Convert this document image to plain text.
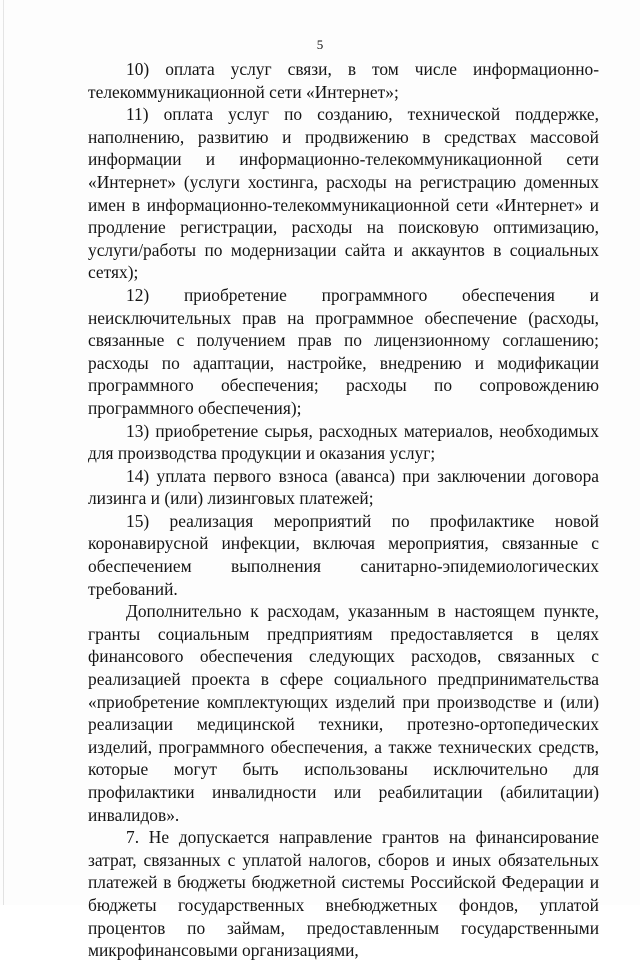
5

10) оплата услуг связи, в том числе информационно-телекоммуникационной сети «Интернет»;

11) оплата услуг по созданию, технической поддержке, наполнению, развитию и продвижению в средствах массовой информации и информационно-телекоммуникационной сети «Интернет» (услуги хостинга, расходы на регистрацию доменных имен в информационно-телекоммуникационной сети «Интернет» и продление регистрации, расходы на поисковую оптимизацию, услуги/работы по модернизации сайта и аккаунтов в социальных сетях);

12) приобретение программного обеспечения и неисключительных прав на программное обеспечение (расходы, связанные с получением прав по лицензионному соглашению; расходы по адаптации, настройке, внедрению и модификации программного обеспечения; расходы по сопровождению программного обеспечения);

13) приобретение сырья, расходных материалов, необходимых для производства продукции и оказания услуг;

14) уплата первого взноса (аванса) при заключении договора лизинга и (или) лизинговых платежей;

15) реализация мероприятий по профилактике новой коронавирусной инфекции, включая мероприятия, связанные с обеспечением выполнения санитарно-эпидемиологических требований.

Дополнительно к расходам, указанным в настоящем пункте, гранты социальным предприятиям предоставляется в целях финансового обеспечения следующих расходов, связанных с реализацией проекта в сфере социального предпринимательства «приобретение комплектующих изделий при производстве и (или) реализации медицинской техники, протезно-ортопедических изделий, программного обеспечения, а также технических средств, которые могут быть использованы исключительно для профилактики инвалидности или реабилитации (абилитации) инвалидов».

7. Не допускается направление грантов на финансирование затрат, связанных с уплатой налогов, сборов и иных обязательных платежей в бюджеты бюджетной системы Российской Федерации и бюджеты государственных внебюджетных фондов, уплатой процентов по займам, предоставленным государственными микрофинансовыми организациями,
